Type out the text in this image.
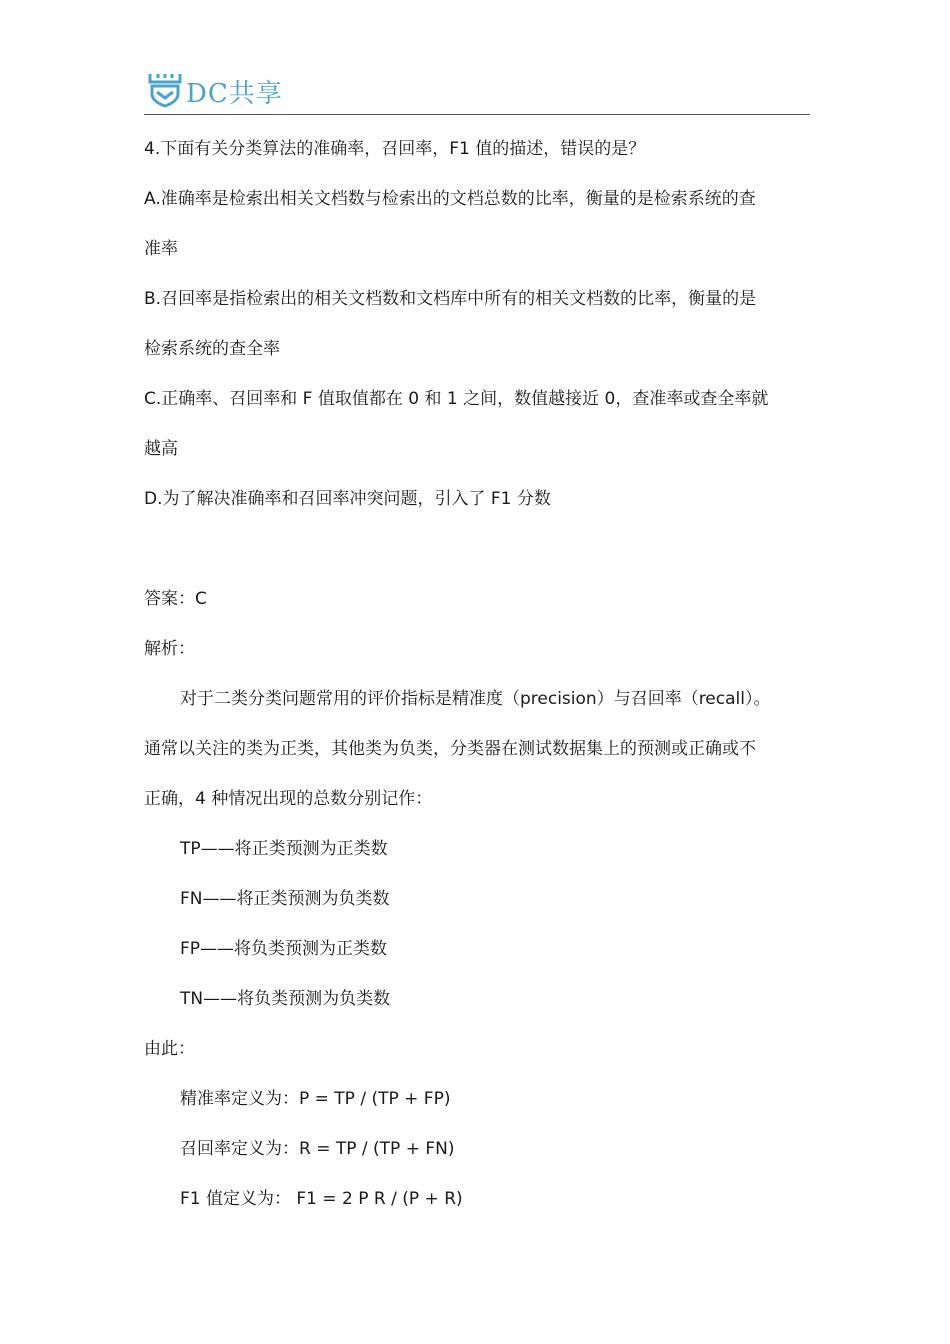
DC共享
4.下面有关分类算法的准确率，召回率，F1 值的描述，错误的是？
A.准确率是检索出相关文档数与检索出的文档总数的比率，衡量的是检索系统的查
准率
B.召回率是指检索出的相关文档数和文档库中所有的相关文档数的比率，衡量的是
检索系统的查全率
C.正确率、召回率和 F 值取值都在 0 和 1 之间，数值越接近 0，查准率或查全率就
越高
D.为了解决准确率和召回率冲突问题，引入了 F1 分数
答案：C
解析：
对于二类分类问题常用的评价指标是精准度（precision）与召回率（recall）。
通常以关注的类为正类，其他类为负类，分类器在测试数据集上的预测或正确或不
正确，4 种情况出现的总数分别记作：
TP——将正类预测为正类数
FN——将正类预测为负类数
FP——将负类预测为正类数
TN——将负类预测为负类数
由此：
精准率定义为：P = TP / (TP + FP)
召回率定义为：R = TP / (TP + FN)
F1 值定义为： F1 = 2 P R / (P + R)
